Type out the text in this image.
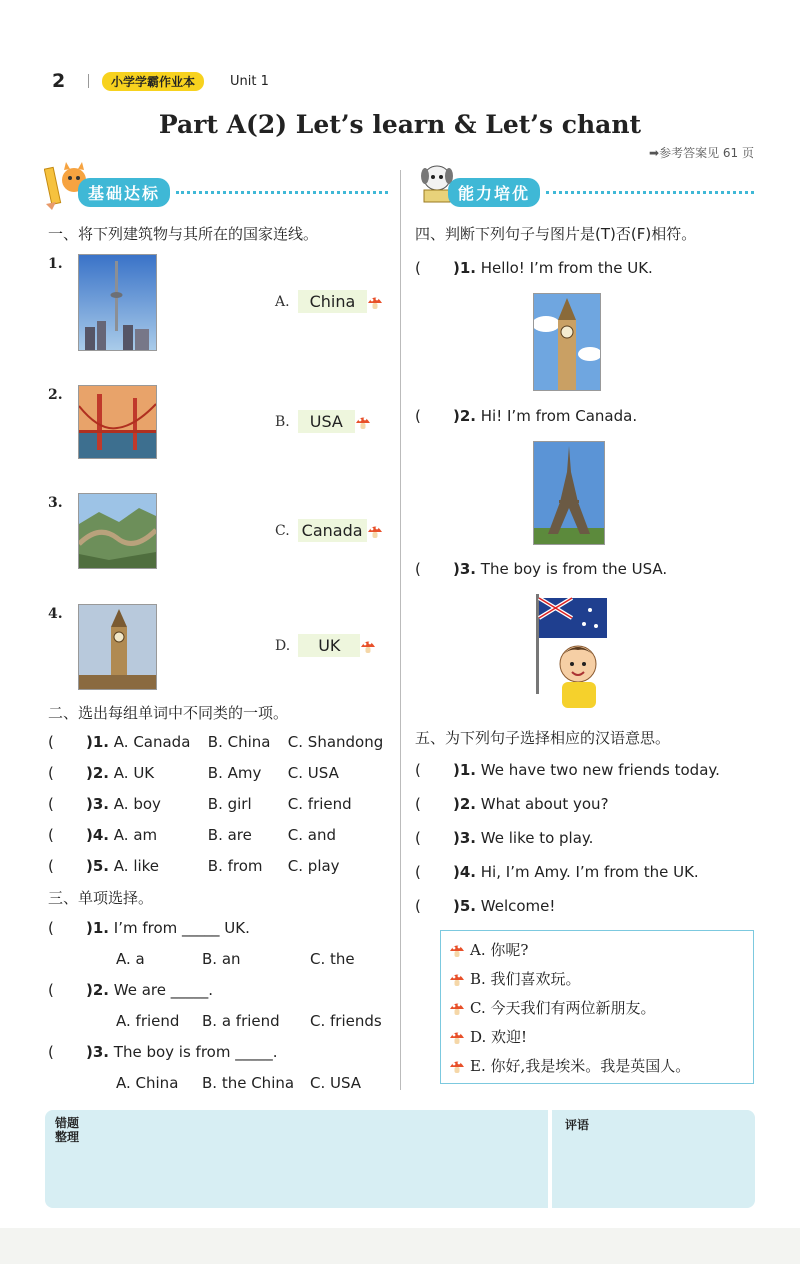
2	小学学霸作业本	Unit 1
Part A(2) Let’s learn & Let’s chant
➡参考答案见 61 页
基础达标
一、将下列建筑物与其所在的国家连线。
1.
A.	China
2.
B.	USA
3.
C. Canada
4.
D.	UK
二、选出每组单词中不同类的一项。
( )1. A. Canada B. China C. Shandong
( )2. A. UK	B. Amy C. USA
( )3. A. boy	B. girl C. friend
( )4. A. am	B. are C. and
( )5. A. like	B. from C. play
三、单项选择。
( )1. I’m from _____ UK.
A. a	B. an	C. the
( )2. We are _____.
A. friend B. a friend C. friends
( )3. The boy is from _____.
A. China B. the China C. USA
能力培优
四、判断下列句子与图片是(T)否(F)相符。
( )1. Hello! I’m from the UK.
( )2. Hi! I’m from Canada.
( )3. The boy is from the USA.
五、为下列句子选择相应的汉语意思。
( )1. We have two new friends today.
( )2. What about you?
( )3. We like to play.
( )4. Hi, I’m Amy. I’m from the UK.
( )5. Welcome!
A. 你呢?
B. 我们喜欢玩。
C. 今天我们有两位新朋友。
D. 欢迎!
E. 你好,我是埃米。我是英国人。
错题
整理
评语
